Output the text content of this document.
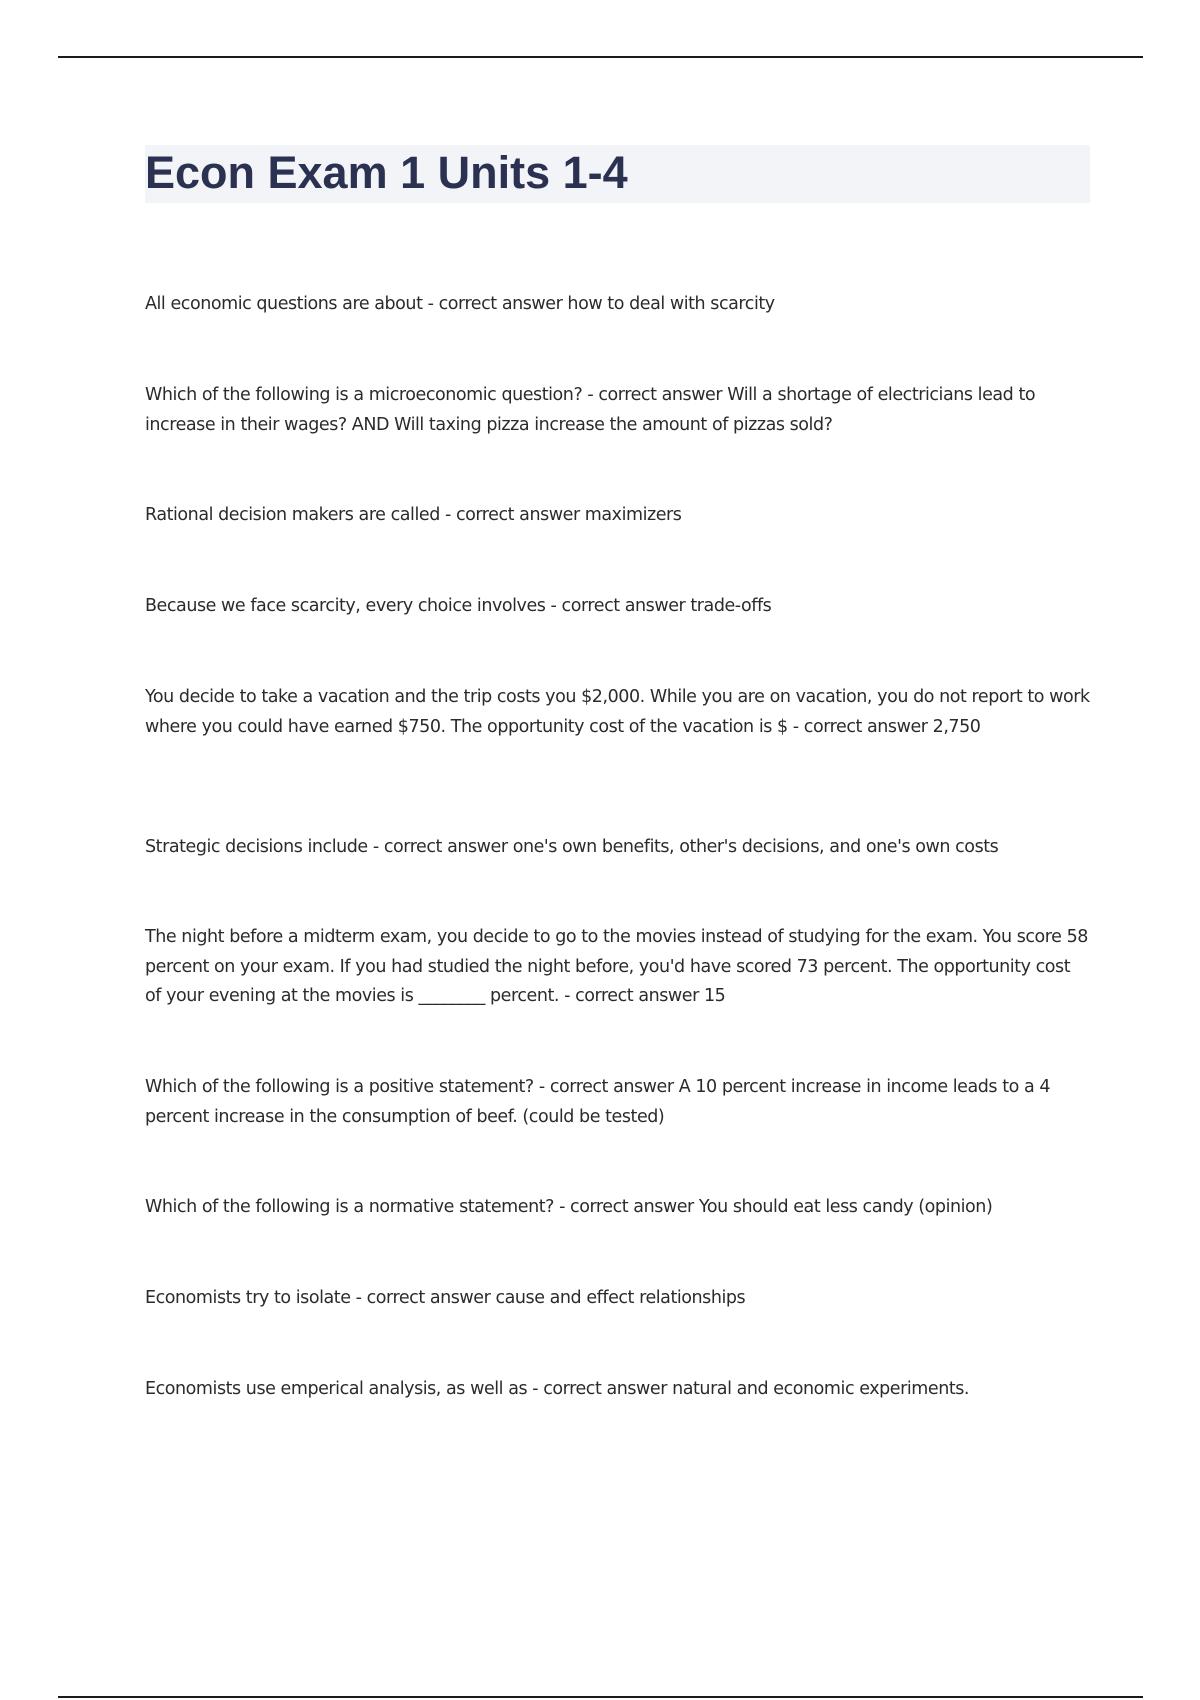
Econ Exam 1 Units 1-4

All economic questions are about - correct answer how to deal with scarcity

Which of the following is a microeconomic question? - correct answer Will a shortage of electricians lead to increase in their wages? AND Will taxing pizza increase the amount of pizzas sold?

Rational decision makers are called - correct answer maximizers

Because we face scarcity, every choice involves - correct answer trade-offs

You decide to take a vacation and the trip costs you $2,000. While you are on vacation, you do not report to work where you could have earned $750. The opportunity cost of the vacation is $ - correct answer 2,750

Strategic decisions include - correct answer one's own benefits, other's decisions, and one's own costs

The night before a midterm exam, you decide to go to the movies instead of studying for the exam. You score 58 percent on your exam. If you had studied the night before, you'd have scored 73 percent. The opportunity cost of your evening at the movies is ________ percent. - correct answer 15

Which of the following is a positive statement? - correct answer A 10 percent increase in income leads to a 4 percent increase in the consumption of beef. (could be tested)

Which of the following is a normative statement? - correct answer You should eat less candy (opinion)

Economists try to isolate - correct answer cause and effect relationships

Economists use emperical analysis, as well as - correct answer natural and economic experiments.
